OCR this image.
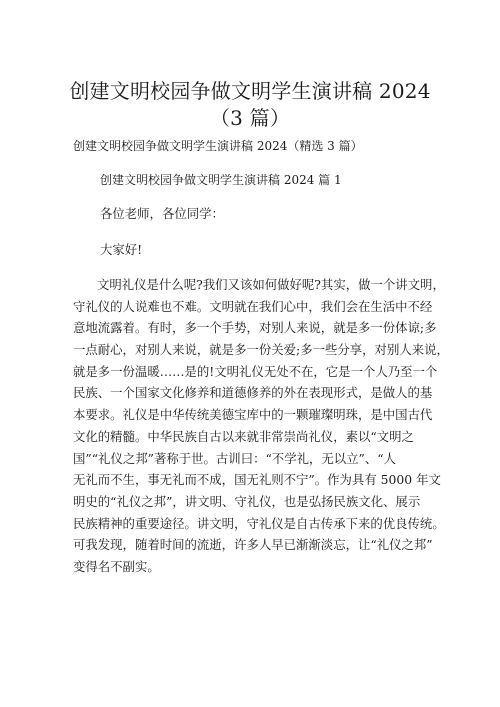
创建文明校园争做文明学生演讲稿 2024
（3 篇）

创建文明校园争做文明学生演讲稿 2024（精选 3 篇）

创建文明校园争做文明学生演讲稿 2024 篇 1

各位老师，各位同学：

大家好!

文明礼仪是什么呢?我们又该如何做好呢?其实，做一个讲文明，
守礼仪的人说难也不难。文明就在我们心中，我们会在生活中不经
意地流露着。有时，多一个手势，对别人来说，就是多一份体谅;多
一点耐心，对别人来说，就是多一份关爱;多一些分享，对别人来说，
就是多一份温暖……是的!文明礼仪无处不在，它是一个人乃至一个
民族、一个国家文化修养和道德修养的外在表现形式，是做人的基
本要求。礼仪是中华传统美德宝库中的一颗璀璨明珠，是中国古代
文化的精髓。中华民族自古以来就非常崇尚礼仪，素以“文明之
国”“礼仪之邦”著称于世。古训曰：“不学礼，无以立”、“人
无礼而不生，事无礼而不成，国无礼则不宁”。作为具有 5000 年文
明史的“礼仪之邦”，讲文明、守礼仪，也是弘扬民族文化、展示
民族精神的重要途径。讲文明，守礼仪是自古传承下来的优良传统。
可我发现，随着时间的流逝，许多人早已渐渐淡忘，让“礼仪之邦”
变得名不副实。
